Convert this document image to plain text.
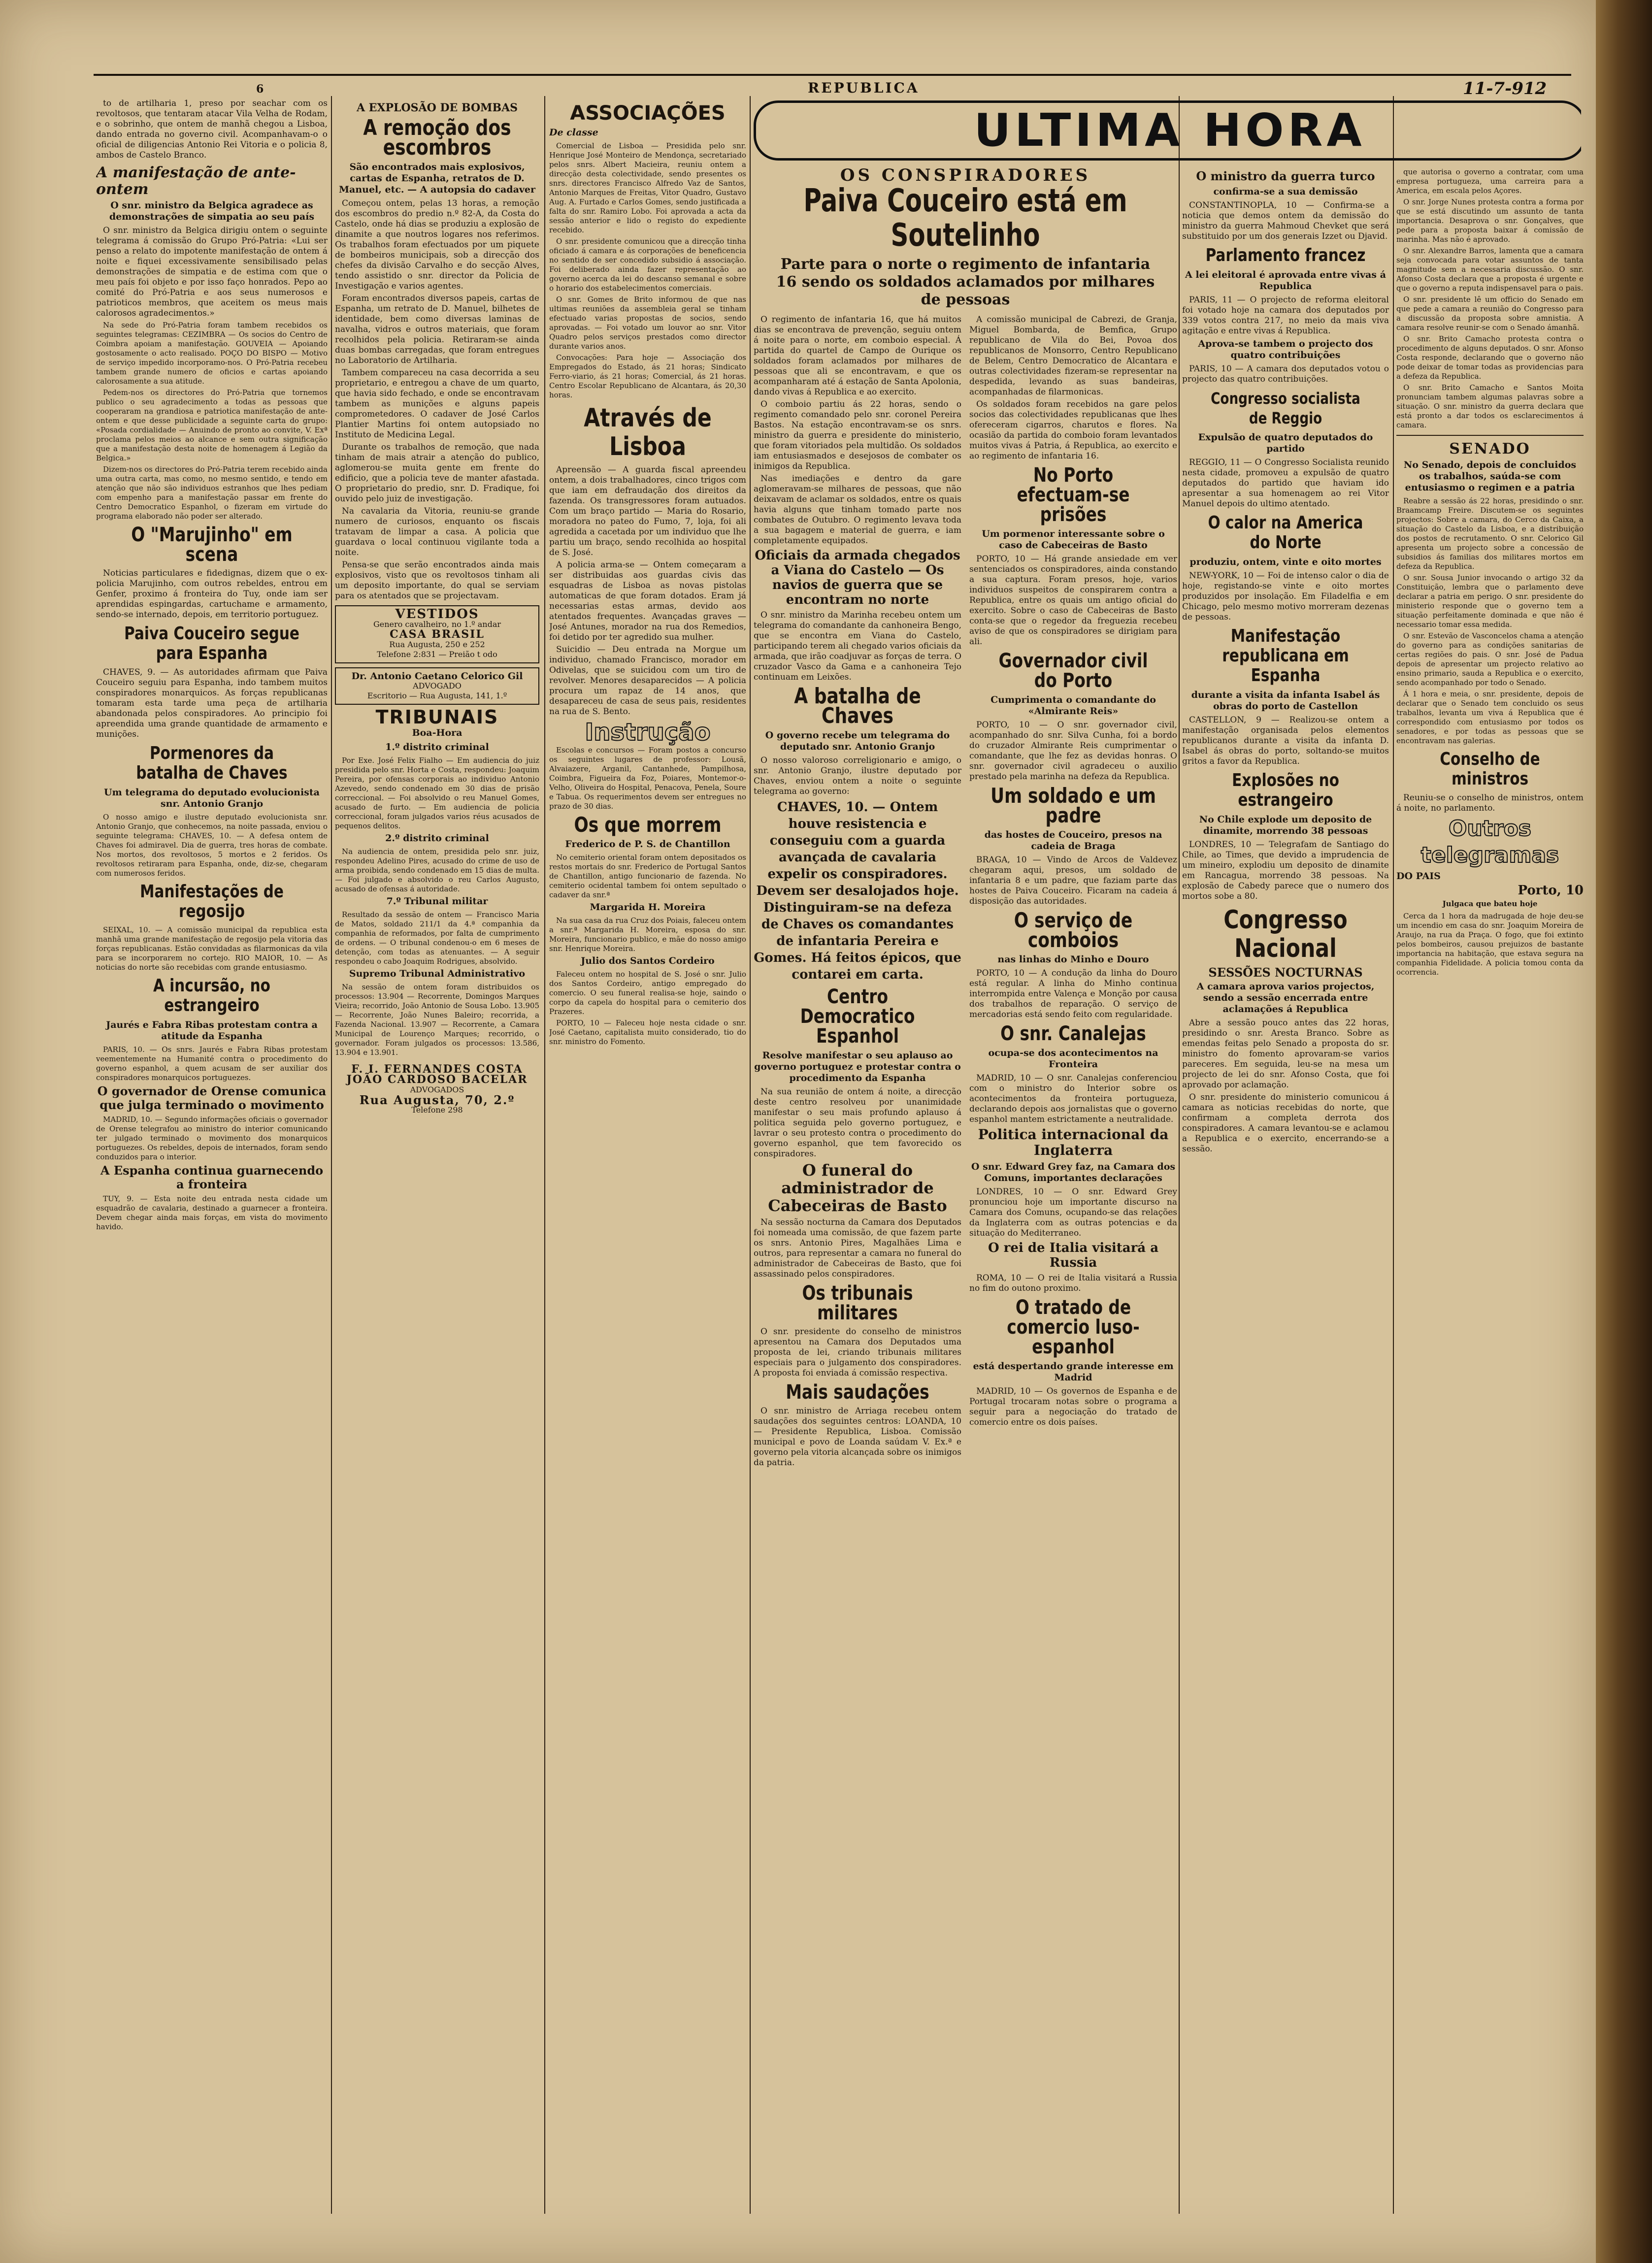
6	REPUBLICA	11-7-912

to de artilharia 1, preso por seachar com os revoltosos, que tentaram atacar Vila Velha de Rodam, e o sobrinho, que ontem de manhã chegou a Lisboa, dando entrada no governo civil. Acompanhavam-o o oficial de diligencias Antonio Rei Vitoria e o policia 8, ambos de Castelo Branco.

A manifestação de ante-ontem
O snr. ministro da Belgica agradece as demonstrações de simpatia ao seu país

O snr. ministro da Belgica dirigiu ontem o seguinte telegrama á comissão do Grupo Pró-Patria: «Lui ser penso a relato do impotente manifestação de ontem á noite e fiquei excessivamente sensibilisado pelas demonstrações de simpatia e de estima com que o meu país foi objeto e por isso faço honrados. Pepo ao comité do Pró-Patria e aos seus numerosos e patrioticos membros, que aceitem os meus mais calorosos agradecimentos.»

Na sede do Pró-Patria foram tambem recebidos os seguintes telegramas: CEZIMBRA — Os socios do Centro de Coimbra apoiam a manifestação. GOUVEIA — Apoiando gostosamente o acto realisado. POÇO DO BISPO — Motivo de serviço impedido incorporamo-nos. O Pró-Patria recebeu tambem grande numero de oficios e cartas apoiando calorosamente a sua atitude.

Pedem-nos os directores do Pró-Patria que tornemos publico o seu agradecimento a todas as pessoas que cooperaram na grandiosa e patriotica manifestação de ante-ontem e que desse publicidade a seguinte carta do grupo: «Posada cordialidade — Anuindo de pronto ao convite, V. Exª proclama pelos meios ao alcance e sem outra significação que a manifestação desta noite de homenagem á Legião da Belgica.»

Dizem-nos os directores do Pró-Patria terem recebido ainda uma outra carta, mas como, no mesmo sentido, e tendo em atenção que não são individuos estranhos que lhes pediam com empenho para a manifestação passar em frente do Centro Democratico Espanhol, o fizeram em virtude do programa elaborado não poder ser alterado.

O "Marujinho" em scena

Noticias particulares e fidedignas, dizem que o ex-policia Marujinho, com outros rebeldes, entrou em Genfer, proximo á fronteira do Tuy, onde iam ser aprendidas espingardas, cartuchame e armamento, sendo-se internado, depois, em territorio portuguez.

Paiva Couceiro segue para Espanha

CHAVES, 9. — As autoridades afirmam que Paiva Couceiro seguiu para Espanha, indo tambem muitos conspiradores monarquicos. As forças republicanas tomaram esta tarde uma peça de artilharia abandonada pelos conspiradores. Ao principio foi apreendida uma grande quantidade de armamento e munições.

Pormenores da batalha de Chaves
Um telegrama do deputado evolucionista snr. Antonio Granjo

O nosso amigo e ilustre deputado evolucionista snr. Antonio Granjo, que conhecemos, na noite passada, enviou o seguinte telegrama: CHAVES, 10. — A defesa ontem de Chaves foi admiravel. Dia de guerra, tres horas de combate. Nos mortos, dos revoltosos, 5 mortos e 2 feridos. Os revoltosos retiraram para Espanha, onde, diz-se, chegaram com numerosos feridos.

Manifestações de regosijo

SEIXAL, 10. — A comissão municipal da republica esta manhã uma grande manifestação de regosijo pela vitoria das forças republicanas. Estão convidadas as filarmonicas da vila para se incorporarem no cortejo. RIO MAIOR, 10. — As noticias do norte são recebidas com grande entusiasmo.

A incursão, no estrangeiro
Jaurés e Fabra Ribas protestam contra a atitude da Espanha

PARIS, 10. — Os snrs. Jaurés e Fabra Ribas protestam veementemente na Humanité contra o procedimento do governo espanhol, a quem acusam de ser auxiliar dos conspiradores monarquicos portuguezes.

O governador de Orense comunica que julga terminado o movimento

MADRID, 10. — Segundo informações oficiais o governador de Orense telegrafou ao ministro do interior comunicando ter julgado terminado o movimento dos monarquicos portuguezes. Os rebeldes, depois de internados, foram sendo conduzidos para o interior.

A Espanha continua guarnecendo a fronteira

TUY, 9. — Esta noite deu entrada nesta cidade um esquadrão de cavalaria, destinado a guarnecer a fronteira. Devem chegar ainda mais forças, em vista do movimento havido.

A EXPLOSÃO DE BOMBAS
A remoção dos escombros
São encontrados mais explosivos, cartas de Espanha, retratos de D. Manuel, etc. — A autopsia do cadaver

Começou ontem, pelas 13 horas, a remoção dos escombros do predio n.º 82-A, da Costa do Castelo, onde há dias se produziu a explosão de dinamite a que noutros logares nos referimos. Os trabalhos foram efectuados por um piquete de bombeiros municipais, sob a direcção dos chefes da divisão Carvalho e do secção Alves, tendo assistido o snr. director da Policia de Investigação e varios agentes.

Foram encontrados diversos papeis, cartas de Espanha, um retrato de D. Manuel, bilhetes de identidade, bem como diversas laminas de navalha, vidros e outros materiais, que foram recolhidos pela policia. Retiraram-se ainda duas bombas carregadas, que foram entregues no Laboratorio de Artilharia.

Tambem compareceu na casa decorrida a seu proprietario, e entregou a chave de um quarto, que havia sido fechado, e onde se encontravam tambem as munições e alguns papeis comprometedores. O cadaver de José Carlos Plantier Martins foi ontem autopsiado no Instituto de Medicina Legal.

Durante os trabalhos de remoção, que nada tinham de mais atrair a atenção do publico, aglomerou-se muita gente em frente do edificio, que a policia teve de manter afastada. O proprietario do predio, snr. D. Fradique, foi ouvido pelo juiz de investigação.

Na cavalaria da Vitoria, reuniu-se grande numero de curiosos, enquanto os fiscais tratavam de limpar a casa. A policia que guardava o local continuou vigilante toda a noite.

Pensa-se que serão encontrados ainda mais explosivos, visto que os revoltosos tinham ali um deposito importante, do qual se serviam para os atentados que se projectavam.

VESTIDOS
Genero cavalheiro, no 1.º andar
CASA BRASIL
Rua Augusta, 250 e 252
Telefone 2:831 — Preião t odo
Dr. Antonio Caetano Celorico Gil
ADVOGADO
Escritorio — Rua Augusta, 141, 1.º
TRIBUNAIS
Boa-Hora
1.º distrito criminal

Por Exe. José Felix Fialho — Em audiencia do juiz presidida pelo snr. Horta e Costa, respondeu: Joaquim Pereira, por ofensas corporais ao individuo Antonio Azevedo, sendo condenado em 30 dias de prisão correccional. — Foi absolvido o reu Manuel Gomes, acusado de furto. — Em audiencia de policia correccional, foram julgados varios réus acusados de pequenos delitos.

2.º distrito criminal

Na audiencia de ontem, presidida pelo snr. juiz, respondeu Adelino Pires, acusado do crime de uso de arma proibida, sendo condenado em 15 dias de multa. — Foi julgado e absolvido o reu Carlos Augusto, acusado de ofensas á autoridade.

7.º Tribunal militar

Resultado da sessão de ontem — Francisco Maria de Matos, soldado 211/1 da 4.ª companhia da companhia de reformados, por falta de cumprimento de ordens. — O tribunal condenou-o em 6 meses de detenção, com todas as atenuantes. — A seguir respondeu o cabo Joaquim Rodrigues, absolvido.

Supremo Tribunal Administrativo

Na sessão de ontem foram distribuidos os processos: 13.904 — Recorrente, Domingos Marques Vieira; recorrido, João Antonio de Sousa Lobo. 13.905 — Recorrente, João Nunes Baleiro; recorrida, a Fazenda Nacional. 13.907 — Recorrente, a Camara Municipal de Lourenço Marques; recorrido, o governador. Foram julgados os processos: 13.586, 13.904 e 13.901.

F. I. FERNANDES COSTA
JOÃO CARDOSO BACELAR
ADVOGADOS
Rua Augusta, 70, 2.º
Telefone 298
ASSOCIAÇÕES
De classe

Comercial de Lisboa — Presidida pelo snr. Henrique José Monteiro de Mendonça, secretariado pelos snrs. Albert Macieira, reuniu ontem a direcção desta colectividade, sendo presentes os snrs. directores Francisco Alfredo Vaz de Santos, Antonio Marques de Freitas, Vitor Quadro, Gustavo Aug. A. Furtado e Carlos Gomes, sendo justificada a falta do snr. Ramiro Lobo. Foi aprovada a acta da sessão anterior e lido o registo do expediente recebido.

O snr. presidente comunicou que a direcção tinha oficiado á camara e ás corporações de beneficencia no sentido de ser concedido subsidio á associação. Foi deliberado ainda fazer representação ao governo acerca da lei do descanso semanal e sobre o horario dos estabelecimentos comerciais.

O snr. Gomes de Brito informou de que nas ultimas reuniões da assembleia geral se tinham efectuado varias propostas de socios, sendo aprovadas. — Foi votado um louvor ao snr. Vitor Quadro pelos serviços prestados como director durante varios anos.

Convocações: Para hoje — Associação dos Empregados do Estado, ás 21 horas; Sindicato Ferro-viario, ás 21 horas; Comercial, ás 21 horas. Centro Escolar Republicano de Alcantara, ás 20,30 horas.

Através de Lisboa

Apreensão — A guarda fiscal apreendeu ontem, a dois trabalhadores, cinco trigos com que iam em defraudação dos direitos da fazenda. Os transgressores foram autuados. Com um braço partido — Maria do Rosario, moradora no pateo do Fumo, 7, loja, foi ali agredida a cacetada por um individuo que lhe partiu um braço, sendo recolhida ao hospital de S. José.

A policia arma-se — Ontem começaram a ser distribuidas aos guardas civis das esquadras de Lisboa as novas pistolas automaticas de que foram dotados. Eram já necessarias estas armas, devido aos atentados frequentes. Avançadas graves — José Antunes, morador na rua dos Remedios, foi detido por ter agredido sua mulher.

Suicidio — Deu entrada na Morgue um individuo, chamado Francisco, morador em Odivelas, que se suicidou com um tiro de revolver. Menores desaparecidos — A policia procura um rapaz de 14 anos, que desapareceu de casa de seus pais, residentes na rua de S. Bento.

Instrução

Escolas e concursos — Foram postos a concurso os seguintes lugares de professor: Lousã, Alvaiazere, Arganil, Cantanhede, Pampilhosa, Coimbra, Figueira da Foz, Poiares, Montemor-o-Velho, Oliveira do Hospital, Penacova, Penela, Soure e Tabua. Os requerimentos devem ser entregues no prazo de 30 dias.

Os que morrem
Frederico de P. S. de Chantillon

No cemiterio oriental foram ontem depositados os restos mortais do snr. Frederico de Portugal Santos de Chantillon, antigo funcionario de fazenda. No cemiterio ocidental tambem foi ontem sepultado o cadaver da snr.ª

Margarida H. Moreira

Na sua casa da rua Cruz dos Poiais, faleceu ontem a snr.ª Margarida H. Moreira, esposa do snr. Moreira, funcionario publico, e mãe do nosso amigo snr. Henrique Moreira.

Julio dos Santos Cordeiro

Faleceu ontem no hospital de S. José o snr. Julio dos Santos Cordeiro, antigo empregado do comercio. O seu funeral realisa-se hoje, saindo o corpo da capela do hospital para o cemiterio dos Prazeres.

PORTO, 10 — Faleceu hoje nesta cidade o snr. José Caetano, capitalista muito considerado, tio do snr. ministro do Fomento.

ULTIMA HORA
OS CONSPIRADORES
Paiva Couceiro está em Soutelinho
Parte para o norte o regimento de infantaria 16 sendo os soldados aclamados por milhares de pessoas

O regimento de infantaria 16, que há muitos dias se encontrava de prevenção, seguiu ontem á noite para o norte, em comboio especial. Á partida do quartel de Campo de Ourique os soldados foram aclamados por milhares de pessoas que ali se encontravam, e que os acompanharam até á estação de Santa Apolonia, dando vivas á Republica e ao exercito.

O comboio partiu ás 22 horas, sendo o regimento comandado pelo snr. coronel Pereira Bastos. Na estação encontravam-se os snrs. ministro da guerra e presidente do ministerio, que foram vitoriados pela multidão. Os soldados iam entusiasmados e desejosos de combater os inimigos da Republica.

Nas imediações e dentro da gare aglomeravam-se milhares de pessoas, que não deixavam de aclamar os soldados, entre os quais havia alguns que tinham tomado parte nos combates de Outubro. O regimento levava toda a sua bagagem e material de guerra, e iam completamente equipados.

Oficiais da armada chegados a Viana do Castelo — Os navios de guerra que se encontram no norte

O snr. ministro da Marinha recebeu ontem um telegrama do comandante da canhoneira Bengo, que se encontra em Viana do Castelo, participando terem ali chegado varios oficiais da armada, que irão coadjuvar as forças de terra. O cruzador Vasco da Gama e a canhoneira Tejo continuam em Leixões.

A batalha de Chaves
O governo recebe um telegrama do deputado snr. Antonio Granjo

O nosso valoroso correligionario e amigo, o snr. Antonio Granjo, ilustre deputado por Chaves, enviou ontem a noite o seguinte telegrama ao governo:

CHAVES, 10. — Ontem houve resistencia e conseguiu com a guarda avançada de cavalaria expelir os conspiradores. Devem ser desalojados hoje. Distinguiram-se na defeza de Chaves os comandantes de infantaria Pereira e Gomes. Há feitos épicos, que contarei em carta.
Centro Democratico Espanhol
Resolve manifestar o seu aplauso ao governo portuguez e protestar contra o procedimento da Espanha

Na sua reunião de ontem á noite, a direcção deste centro resolveu por unanimidade manifestar o seu mais profundo aplauso á politica seguida pelo governo portuguez, e lavrar o seu protesto contra o procedimento do governo espanhol, que tem favorecido os conspiradores.

O funeral do administrador de Cabeceiras de Basto

Na sessão nocturna da Camara dos Deputados foi nomeada uma comissão, de que fazem parte os snrs. Antonio Pires, Magalhães Lima e outros, para representar a camara no funeral do administrador de Cabeceiras de Basto, que foi assassinado pelos conspiradores.

Os tribunais militares

O snr. presidente do conselho de ministros apresentou na Camara dos Deputados uma proposta de lei, criando tribunais militares especiais para o julgamento dos conspiradores. A proposta foi enviada á comissão respectiva.

Mais saudações

O snr. ministro de Arriaga recebeu ontem saudações dos seguintes centros: LOANDA, 10 — Presidente Republica, Lisboa. Comissão municipal e povo de Loanda saúdam V. Ex.ª e governo pela vitoria alcançada sobre os inimigos da patria.

A comissão municipal de Cabrezi, de Granja, Miguel Bombarda, de Bemfica, Grupo republicano de Vila do Bei, Povoa dos republicanos de Monsorro, Centro Republicano de Belem, Centro Democratico de Alcantara e outras colectividades fizeram-se representar na despedida, levando as suas bandeiras, acompanhadas de filarmonicas.

Os soldados foram recebidos na gare pelos socios das colectividades republicanas que lhes ofereceram cigarros, charutos e flores. Na ocasião da partida do comboio foram levantados muitos vivas á Patria, á Republica, ao exercito e ao regimento de infantaria 16.

No Porto efectuam-se prisões
Um pormenor interessante sobre o caso de Cabeceiras de Basto

PORTO, 10 — Há grande ansiedade em ver sentenciados os conspiradores, ainda constando a sua captura. Foram presos, hoje, varios individuos suspeitos de conspirarem contra a Republica, entre os quais um antigo oficial do exercito. Sobre o caso de Cabeceiras de Basto conta-se que o regedor da freguezia recebeu aviso de que os conspiradores se dirigiam para ali.

Governador civil do Porto
Cumprimenta o comandante do «Almirante Reis»

PORTO, 10 — O snr. governador civil, acompanhado do snr. Silva Cunha, foi a bordo do cruzador Almirante Reis cumprimentar o comandante, que lhe fez as devidas honras. O snr. governador civil agradeceu o auxilio prestado pela marinha na defeza da Republica.

Um soldado e um padre
das hostes de Couceiro, presos na cadeia de Braga

BRAGA, 10 — Vindo de Arcos de Valdevez chegaram aqui, presos, um soldado de infantaria 8 e um padre, que faziam parte das hostes de Paiva Couceiro. Ficaram na cadeia á disposição das autoridades.

O serviço de comboios
nas linhas do Minho e Douro

PORTO, 10 — A condução da linha do Douro está regular. A linha do Minho continua interrompida entre Valença e Monção por causa dos trabalhos de reparação. O serviço de mercadorias está sendo feito com regularidade.

O snr. Canalejas
ocupa-se dos acontecimentos na Fronteira

MADRID, 10 — O snr. Canalejas conferenciou com o ministro do Interior sobre os acontecimentos da fronteira portugueza, declarando depois aos jornalistas que o governo espanhol mantem estrictamente a neutralidade.

Politica internacional da Inglaterra
O snr. Edward Grey faz, na Camara dos Comuns, importantes declarações

LONDRES, 10 — O snr. Edward Grey pronunciou hoje um importante discurso na Camara dos Comuns, ocupando-se das relações da Inglaterra com as outras potencias e da situação do Mediterraneo.

O rei de Italia visitará a Russia

ROMA, 10 — O rei de Italia visitará a Russia no fim do outono proximo.

O tratado de comercio luso-espanhol
está despertando grande interesse em Madrid

MADRID, 10 — Os governos de Espanha e de Portugal trocaram notas sobre o programa a seguir para a negociação do tratado de comercio entre os dois países.

O ministro da guerra turco
confirma-se a sua demissão

CONSTANTINOPLA, 10 — Confirma-se a noticia que demos ontem da demissão do ministro da guerra Mahmoud Chevket que será substituido por um dos generais Izzet ou Djavid.

Parlamento francez
A lei eleitoral é aprovada entre vivas á Republica

PARIS, 11 — O projecto de reforma eleitoral foi votado hoje na camara dos deputados por 339 votos contra 217, no meio da mais viva agitação e entre vivas á Republica.

Aprova-se tambem o projecto dos quatro contribuições

PARIS, 10 — A camara dos deputados votou o projecto das quatro contribuições.

Congresso socialista de Reggio
Expulsão de quatro deputados do partido

REGGIO, 11 — O Congresso Socialista reunido nesta cidade, promoveu a expulsão de quatro deputados do partido que haviam ido apresentar a sua homenagem ao rei Vitor Manuel depois do ultimo atentado.

O calor na America do Norte
produziu, ontem, vinte e oito mortes

NEW-YORK, 10 — Foi de intenso calor o dia de hoje, registando-se vinte e oito mortes produzidos por insolação. Em Filadelfia e em Chicago, pelo mesmo motivo morreram dezenas de pessoas.

Manifestação republicana em Espanha
durante a visita da infanta Isabel ás obras do porto de Castellon

CASTELLON, 9 — Realizou-se ontem a manifestação organisada pelos elementos republicanos durante a visita da infanta D. Isabel ás obras do porto, soltando-se muitos gritos a favor da Republica.

Explosões no estrangeiro
No Chile explode um deposito de dinamite, morrendo 38 pessoas

LONDRES, 10 — Telegrafam de Santiago do Chile, ao Times, que devido a imprudencia de um mineiro, explodiu um deposito de dinamite em Rancagua, morrendo 38 pessoas. Na explosão de Cabedy parece que o numero dos mortos sobe a 80.

Congresso Nacional
SESSÕES NOCTURNAS
A camara aprova varios projectos, sendo a sessão encerrada entre aclamações á Republica

Abre a sessão pouco antes das 22 horas, presidindo o snr. Aresta Branco. Sobre as emendas feitas pelo Senado a proposta do sr. ministro do fomento aprovaram-se varios pareceres. Em seguida, leu-se na mesa um projecto de lei do snr. Afonso Costa, que foi aprovado por aclamação.

O snr. presidente do ministerio comunicou á camara as noticias recebidas do norte, que confirmam a completa derrota dos conspiradores. A camara levantou-se e aclamou a Republica e o exercito, encerrando-se a sessão.

que autorisa o governo a contratar, com uma empresa portugueza, uma carreira para a America, em escala pelos Açores.

O snr. Jorge Nunes protesta contra a forma por que se está discutindo um assunto de tanta importancia. Desaprova o snr. Gonçalves, que pede para a proposta baixar á comissão de marinha. Mas não é aprovado.

O snr. Alexandre Barros, lamenta que a camara seja convocada para votar assuntos de tanta magnitude sem a necessaria discussão. O snr. Afonso Costa declara que a proposta é urgente e que o governo a reputa indispensavel para o pais.

O snr. presidente lê um officio do Senado em que pede a camara a reunião do Congresso para a discussão da proposta sobre amnistia. A camara resolve reunir-se com o Senado ámanhã.

O snr. Brito Camacho protesta contra o procedimento de alguns deputados. O snr. Afonso Costa responde, declarando que o governo não pode deixar de tomar todas as providencias para a defeza da Republica.

O snr. Brito Camacho e Santos Moita pronunciam tambem algumas palavras sobre a situação. O snr. ministro da guerra declara que está pronto a dar todos os esclarecimentos á camara.

SENADO
No Senado, depois de concluidos os trabalhos, saúda-se com entusiasmo o regimen e a patria

Reabre a sessão ás 22 horas, presidindo o snr. Braamcamp Freire. Discutem-se os seguintes projectos: Sobre a camara, do Cerco da Caixa, a situação do Castelo da Lisboa, e a distribuição dos postos de recrutamento. O snr. Celorico Gil apresenta um projecto sobre a concessão de subsidios ás familias dos militares mortos em defeza da Republica.

O snr. Sousa Junior invocando o artigo 32 da Constituição, lembra que o parlamento deve declarar a patria em perigo. O snr. presidente do ministerio responde que o governo tem a situação perfeitamente dominada e que não é necessario tomar essa medida.

O snr. Estevão de Vasconcelos chama a atenção do governo para as condições sanitarias de certas regiões do pais. O snr. José de Padua depois de apresentar um projecto relativo ao ensino primario, sauda a Republica e o exercito, sendo acompanhado por todo o Senado.

Á 1 hora e meia, o snr. presidente, depois de declarar que o Senado tem concluido os seus trabalhos, levanta um viva á Republica que é correspondido com entusiasmo por todos os senadores, e por todas as pessoas que se encontravam nas galerias.

Conselho de ministros

Reuniu-se o conselho de ministros, ontem á noite, no parlamento.

Outros telegramas
DO PAIS
Porto, 10
Julgaca que bateu hoje

Cerca da 1 hora da madrugada de hoje deu-se um incendio em casa do snr. Joaquim Moreira de Araujo, na rua da Praça. O fogo, que foi extinto pelos bombeiros, causou prejuizos de bastante importancia na habitação, que estava segura na companhia Fidelidade. A policia tomou conta da ocorrencia.
